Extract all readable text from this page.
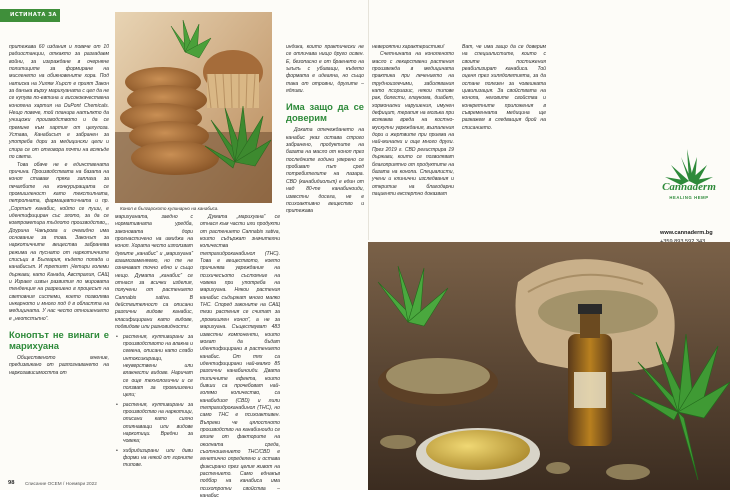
ИСТИНАТА ЗА

притежава 60 издания и повече от 10 радиостанции, откакто за разгадаем войни, за изграждане в очерняне политиците за формиране на мисленето на обикновените хора. Под натиска на Уилям Хърст е прият Закон за данъка върху марихуаната с цел да не се купува по-евтина и висококачествена конопена хартия на DuPont Chemicals. Нещо повече, той планира натъпкто да унищожи производството и да се премине към хартия от целулоза. Устава, Канабисът е забранен за употреба дори за медицински цели и спира се от отговора почти на всякъде по света.

Това обаче не е единствената причина. Производствата на базата на коноп ставам пряка заплаха за печалбите на конкуриращата се промишленост като текстилната, петролната, фармацевтичната и пр. „Сортът канабис, който се пуши, е идентифициран със злото, за да се компрометира тъдлото производство,,, Доурина Чакърова и очевидно има основание за това. Законът за наркотичните вещества забранява режима на пуснато от наркотичните списъци в България, където попада и канабисът. И третият „Четири големи държави, като Канада, Австралия, САЩ и Израел извън развития по мировата тенденция на разрешено в процесът на световния системи, което позволява инкарното и много под д в областта на медицината. У нас често отношението е „неотстъпно“.

Конопът не винаги е марихуана

Общественото мнение, предизвикано от разпознаването на наркозависимостта от

Коноп в българското кулинарно на канабиса.

марихуаната, заедно с нормативната уредба, законовата дори прогнастичено на имиджа на коноп. Хората често използват думите „канабис“ и „марихуана“ взаимозаменяемо, но те не означават точно едно и също нещо. Думата „канабис“ се отнася за всички изделия, получени от растението Cannabis sativa. В действителност са описани различни видове канабис, класифицирани като видове, подвидове или разновидности:

• растения, култивирани за производството на влакна и семена, описани като слабо интоксикиращи, неуверствени или влакнести видове. Наричат се още технологични и се ползват за промишлени цели;
• растения, култивирани за производство на наркотици, описани като силно опиянаващи или видове наркотици. Вредни за човека;
• хибридизирани или диви форми на някой от горните типове.

Думата „марихуана“ се отнася към части или продукти от растението Cannabis sativa, които съдържат значителни количества тетрахидроканабинол (THC). Това е веществото, което причинява увреждания на психичесъото състояние на човека при употреба на марихуана. Някои растения канабис съдържат много малко THC. Според законите на САЩ тези растения се считат за „промишлен коноп“, а не за марихуана. Съществуват 483 известни компоненти, които могат да бъдат идентифицирани в растението канабис. От тях са идентифицирани най-малко 85 различни канабиноиди. Двата типичните ефекта, които бивши са прочебоват най-голямо количество, са канабидиол (CBD) и лили тетрахидроканабинол (THC), но само THC е психоактивен. Въпреки че цялостното производство на канабиноиди се влияе от факторите на околната среда, съотношението THC/CBD е генетично определено и остава фиксирано през целия живот на растението. Само еднакъв подбор на канабиса има психотропни свойства – канабис

индика, които практически не се отличава нищо друго освен. Е, безопасно е от браенето на ъгълъ с убиващи, където формата е идеална, но също така от отровни, другите – ядливи.

Има защо да се доверим

Доката отечеждането на канабис указ остава строго забранено, продуктите на базата на масло от коноп през последните години уверено се пробиват път сред потребителите на пазара. CBD (канабидиолът) е един от над 80-те канабиноиди, известни досега, не е психоактивно вещество и притежава

невероятни характеристики!

Счетнината на конопеното масло с лекарствени растения произвежда в медицината практика при лечението на трудноизлечими, заболявания като псориазис, някои типове рак, болести, глаукома, диабет, хормонални нарушения, имунен дефицит, терапия на мозъка при всякаква вреда на костно-мускулни увреждания, възпаления дори и жертвите при приема на най-минални и още много други. През 2019 г. CBD регистрира 19 държави, които се позволяват благоприятно от продуктите на базата на конопа. Специалисти, учени и клинични изследвания и откритие на благодарни пациенти експертно доказват

Ват, че има защо да се доверим на специалистите, които с своите постижения реабилизират канабиса. Той оценя през хилядолетията, за да остане полезен за човешката цивилизация. За свойствата на конопа, неговите свойства и конкретните приложения в съвременната медицина ще разкажем в следващия брой на списанието.

Cannaderm
HEALING HEMP
www.cannaderm.bg
98 Списание ОСЕМ / Ноември 2022
